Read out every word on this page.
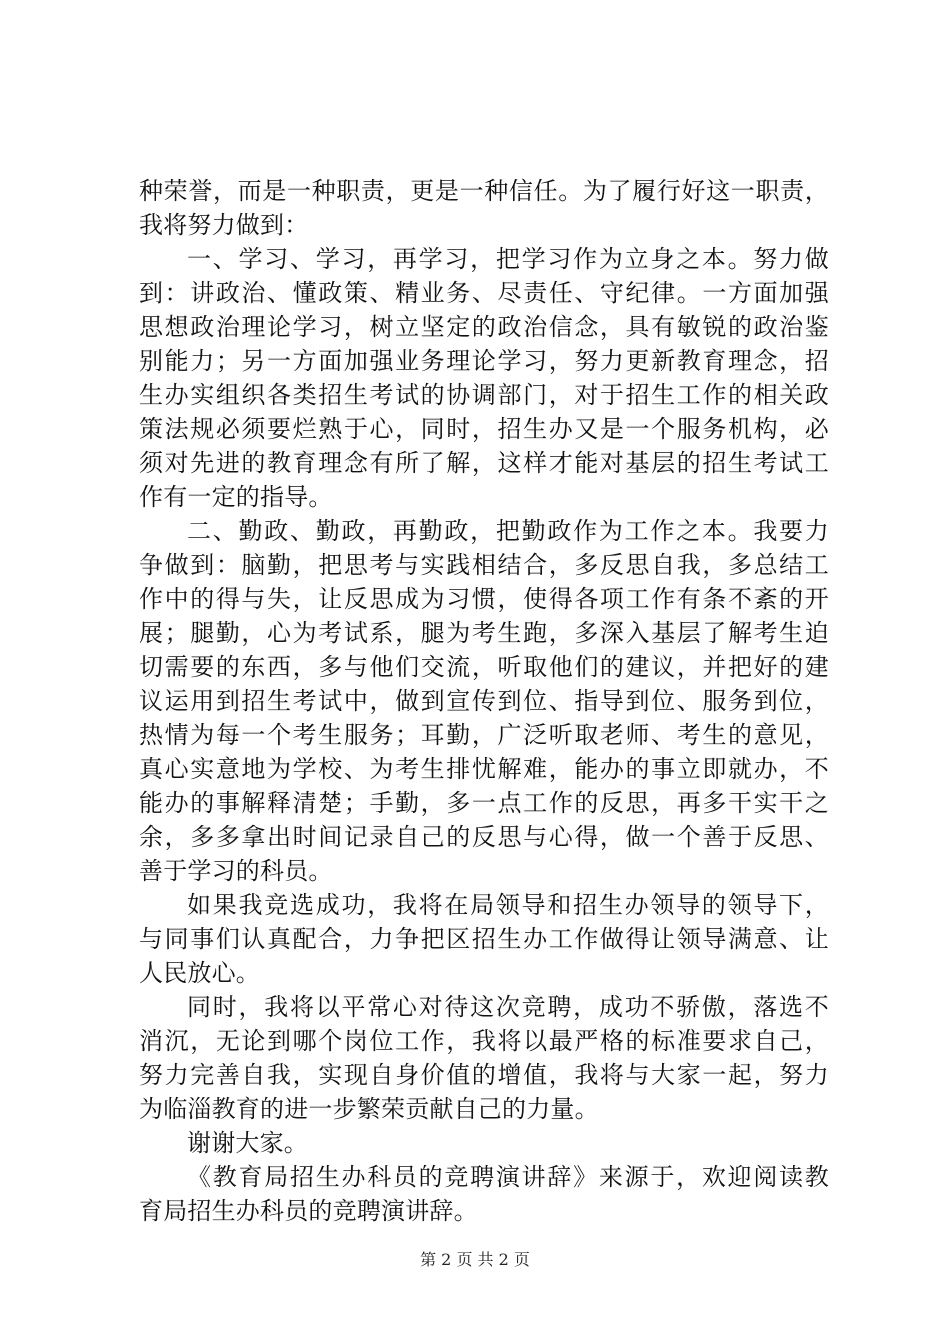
种荣誉，而是一种职责，更是一种信任。为了履行好这一职责，
我将努力做到：
一、学习、学习，再学习，把学习作为立身之本。努力做
到：讲政治、懂政策、精业务、尽责任、守纪律。一方面加强
思想政治理论学习，树立坚定的政治信念，具有敏锐的政治鉴
别能力；另一方面加强业务理论学习，努力更新教育理念，招
生办实组织各类招生考试的协调部门，对于招生工作的相关政
策法规必须要烂熟于心，同时，招生办又是一个服务机构，必
须对先进的教育理念有所了解，这样才能对基层的招生考试工
作有一定的指导。
二、勤政、勤政，再勤政，把勤政作为工作之本。我要力
争做到：脑勤，把思考与实践相结合，多反思自我，多总结工
作中的得与失，让反思成为习惯，使得各项工作有条不紊的开
展；腿勤，心为考试系，腿为考生跑，多深入基层了解考生迫
切需要的东西，多与他们交流，听取他们的建议，并把好的建
议运用到招生考试中，做到宣传到位、指导到位、服务到位，
热情为每一个考生服务；耳勤，广泛听取老师、考生的意见，
真心实意地为学校、为考生排忧解难，能办的事立即就办，不
能办的事解释清楚；手勤，多一点工作的反思，再多干实干之
余，多多拿出时间记录自己的反思与心得，做一个善于反思、
善于学习的科员。
如果我竞选成功，我将在局领导和招生办领导的领导下，
与同事们认真配合，力争把区招生办工作做得让领导满意、让
人民放心。
同时，我将以平常心对待这次竞聘，成功不骄傲，落选不
消沉，无论到哪个岗位工作，我将以最严格的标准要求自己，
努力完善自我，实现自身价值的增值，我将与大家一起，努力
为临淄教育的进一步繁荣贡献自己的力量。
谢谢大家。
《教育局招生办科员的竞聘演讲辞》来源于，欢迎阅读教
育局招生办科员的竞聘演讲辞。
第 2 页 共 2 页
